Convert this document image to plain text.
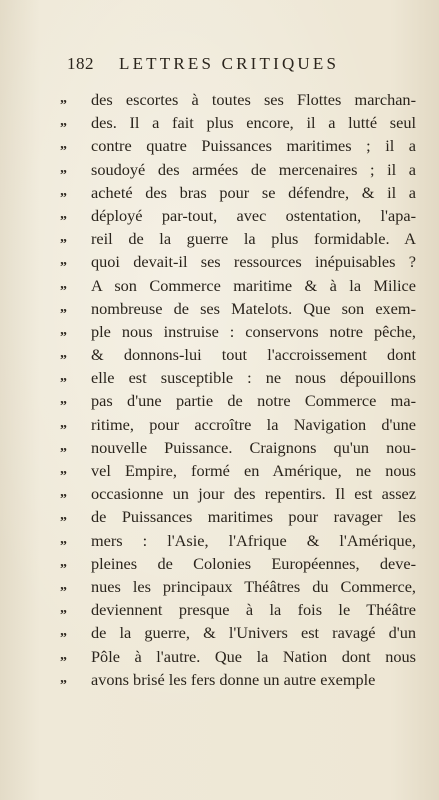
182 LETTRES CRITIQUES
„ des escortes à toutes ses Flottes marchan-
„ des. Il a fait plus encore, il a lutté seul
„ contre quatre Puissances maritimes ; il a
„ soudoyé des armées de mercenaires ; il a
„ acheté des bras pour se défendre, & il a
„ déployé par-tout, avec ostentation, l'apa-
„ reil de la guerre la plus formidable. A
„ quoi devait-il ses ressources inépuisables ?
„ A son Commerce maritime & à la Milice
„ nombreuse de ses Matelots. Que son exem-
„ ple nous instruise : conservons notre pêche,
„ & donnons-lui tout l'accroissement dont
„ elle est susceptible : ne nous dépouillons
„ pas d'une partie de notre Commerce ma-
„ ritime, pour accroître la Navigation d'une
„ nouvelle Puissance. Craignons qu'un nou-
„ vel Empire, formé en Amérique, ne nous
„ occasionne un jour des repentirs. Il est assez
„ de Puissances maritimes pour ravager les
„ mers : l'Asie, l'Afrique & l'Amérique,
„ pleines de Colonies Européennes, deve-
„ nues les principaux Théâtres du Commerce,
„ deviennent presque à la fois le Théâtre
„ de la guerre, & l'Univers est ravagé d'un
„ Pôle à l'autre. Que la Nation dont nous
„ avons brisé les fers donne un autre exemple
